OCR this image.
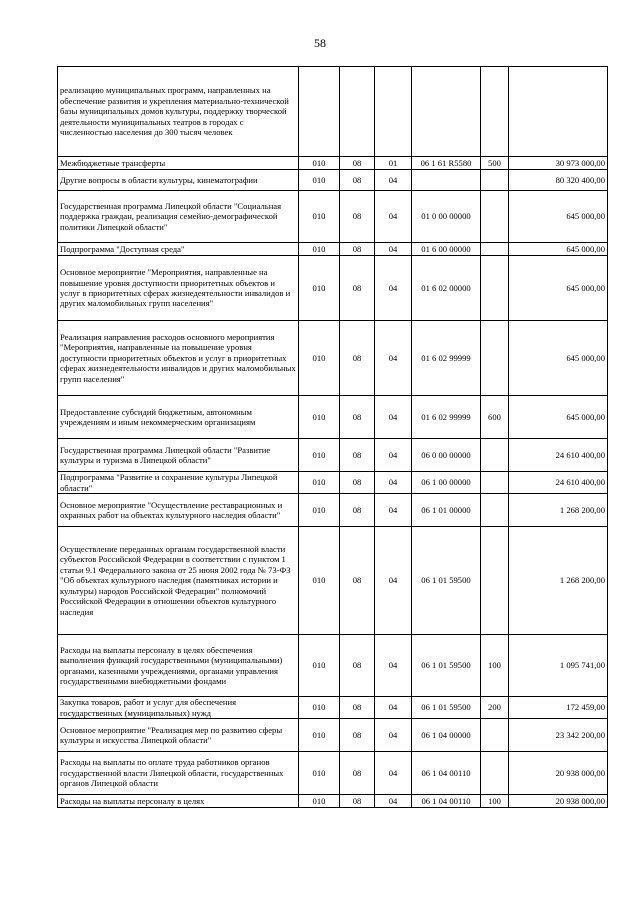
58
реализацию муниципальных программ, направленных на обеспечение развития и укрепления материально-технической базы муниципальных домов культуры, поддержку творческой деятельности муниципальных театров в городах с численностью населения до 300 тысяч человек						
Межбюджетные трансферты	010	08	01	06 1 61 R5580	500	30 973 000,00
Другие вопросы в области культуры, кинематографии	010	08	04			80 320 400,00
Государственная программа Липецкой области "Социальная поддержка граждан, реализация семейно-демографической политики Липецкой области"	010	08	04	01 0 00 00000		645 000,00
Подпрограмма "Доступная среда"	010	08	04	01 6 00 00000		645 000,00
Основное мероприятие "Мероприятия, направленные на повышение уровня доступности приоритетных объектов и услуг в приоритетных сферах жизнедеятельности инвалидов и других маломобильных групп населения"	010	08	04	01 6 02 00000		645 000,00
Реализация направления расходов основного мероприятия "Мероприятия, направленные на повышение уровня доступности приоритетных объектов и услуг в приоритетных сферах жизнедеятельности инвалидов и других маломобильных групп населения"	010	08	04	01 6 02 99999		645 000,00
Предоставление субсидий бюджетным, автономным учреждениям и иным некоммерческим организациям	010	08	04	01 6 02 99999	600	645 000,00
Государственная программа Липецкой области "Развитие культуры и туризма в Липецкой области"	010	08	04	06 0 00 00000		24 610 400,00
Подпрограмма "Развитие и сохранение культуры Липецкой области"	010	08	04	06 1 00 00000		24 610 400,00
Основное мероприятие "Осуществление реставрационных и охранных работ на объектах культурного наследия области"	010	08	04	06 1 01 00000		1 268 200,00
Осуществление переданных органам государственной власти субъектов Российской Федерации в соответствии с пунктом 1 статьи 9.1 Федерального закона от 25 июня 2002 года № 73-ФЗ "Об объектах культурного наследия (памятниках истории и культуры) народов Российской Федерации" полномочий Российской Федерации в отношении объектов культурного наследия	010	08	04	06 1 01 59500		1 268 200,00
Расходы на выплаты персоналу в целях обеспечения выполнения функций государственными (муниципальными) органами, казенными учреждениями, органами управления государственными внебюджетными фондами	010	08	04	06 1 01 59500	100	1 095 741,00
Закупка товаров, работ и услуг для обеспечения государственных (муниципальных) нужд	010	08	04	06 1 01 59500	200	172 459,00
Основное мероприятие "Реализация мер по развитию сферы культуры и искусства Липецкой области"	010	08	04	06 1 04 00000		23 342 200,00
Расходы на выплаты по оплате труда работников органов государственной власти Липецкой области, государственных органов Липецкой области	010	08	04	06 1 04 00110		20 938 000,00
Расходы на выплаты персоналу в целях	010	08	04	06 1 04 00110	100	20 938 000,00
